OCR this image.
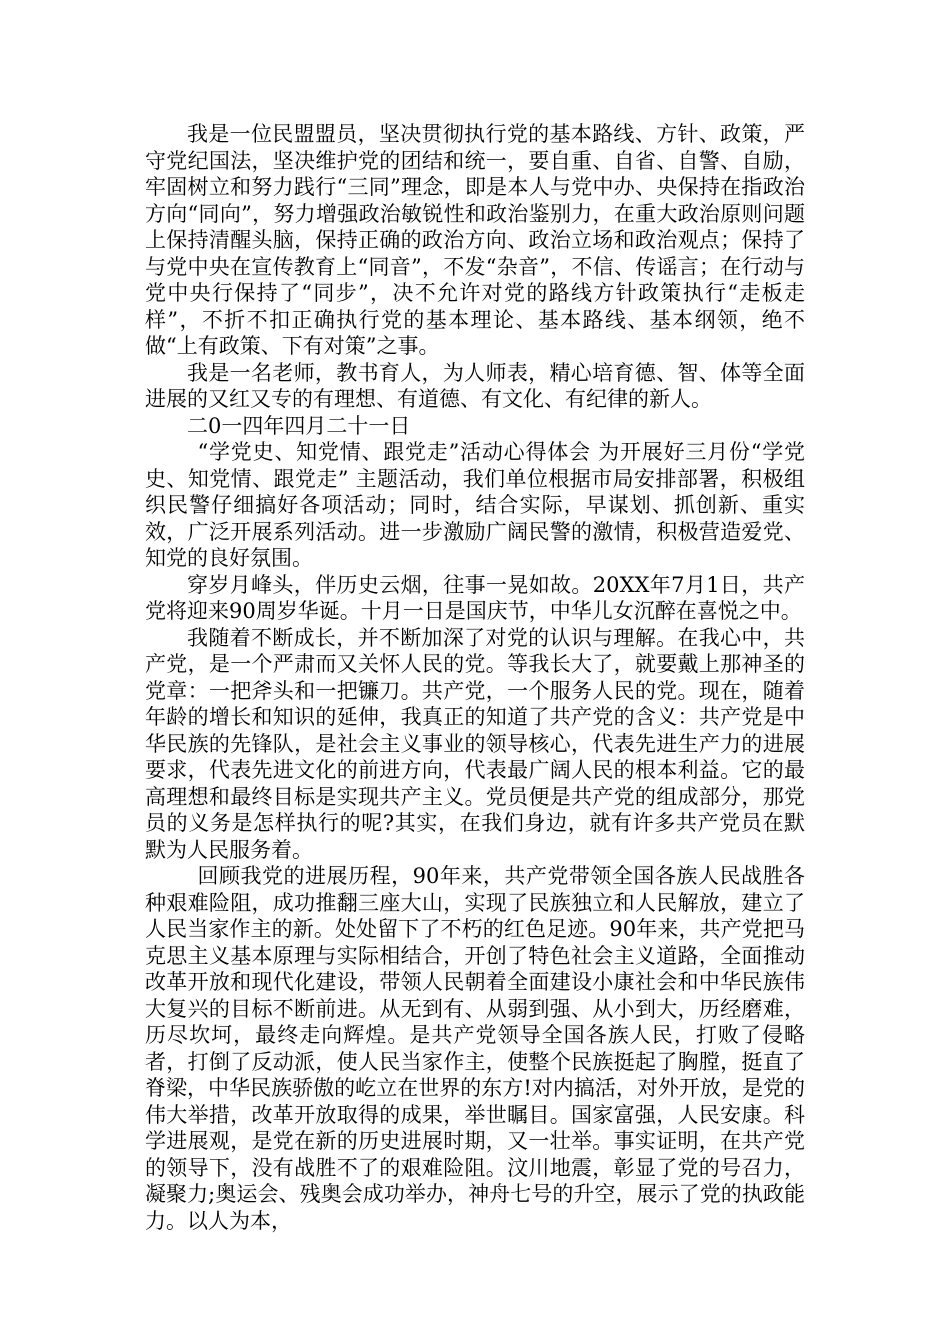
我是一位民盟盟员，坚决贯彻执行党的基本路线、方针、政策，严守党纪国法，坚决维护党的团结和统一，要自重、自省、自警、自励，牢固树立和努力践行“三同”理念，即是本人与党中办、央保持在指政治方向“同向”，努力增强政治敏锐性和政治鉴别力，在重大政治原则问题上保持清醒头脑，保持正确的政治方向、政治立场和政治观点；保持了与党中央在宣传教育上“同音”，不发“杂音”，不信、传谣言；在行动与党中央行保持了“同步”，决不允许对党的路线方针政策执行“走板走样”，不折不扣正确执行党的基本理论、基本路线、基本纲领，绝不做“上有政策、下有对策”之事。

我是一名老师，教书育人，为人师表，精心培育德、智、体等全面进展的又红又专的有理想、有道德、有文化、有纪律的新人。

二0一四年四月二十一日

“学党史、知党情、跟党走”活动心得体会 为开展好三月份“学党史、知党情、跟党走” 主题活动，我们单位根据市局安排部署，积极组织民警仔细搞好各项活动；同时，结合实际，早谋划、抓创新、重实效，广泛开展系列活动。进一步激励广阔民警的激情，积极营造爱党、知党的良好氛围。

穿岁月峰头，伴历史云烟，往事一晃如故。20XX年7月1日，共产党将迎来90周岁华诞。十月一日是国庆节，中华儿女沉醉在喜悦之中。

我随着不断成长，并不断加深了对党的认识与理解。在我心中，共产党，是一个严肃而又关怀人民的党。等我长大了，就要戴上那神圣的党章：一把斧头和一把镰刀。共产党，一个服务人民的党。现在，随着年龄的增长和知识的延伸，我真正的知道了共产党的含义：共产党是中华民族的先锋队，是社会主义事业的领导核心，代表先进生产力的进展要求，代表先进文化的前进方向，代表最广阔人民的根本利益。它的最高理想和最终目标是实现共产主义。党员便是共产党的组成部分，那党员的义务是怎样执行的呢?其实，在我们身边，就有许多共产党员在默默为人民服务着。

回顾我党的进展历程，90年来，共产党带领全国各族人民战胜各种艰难险阻，成功推翻三座大山，实现了民族独立和人民解放，建立了人民当家作主的新。处处留下了不朽的红色足迹。90年来，共产党把马克思主义基本原理与实际相结合，开创了特色社会主义道路，全面推动改革开放和现代化建设，带领人民朝着全面建设小康社会和中华民族伟大复兴的目标不断前进。从无到有、从弱到强、从小到大，历经磨难，历尽坎坷，最终走向辉煌。是共产党领导全国各族人民，打败了侵略者，打倒了反动派，使人民当家作主，使整个民族挺起了胸膛，挺直了脊梁，中华民族骄傲的屹立在世界的东方!对内搞活，对外开放，是党的伟大举措，改革开放取得的成果，举世瞩目。国家富强，人民安康。科学进展观，是党在新的历史进展时期，又一壮举。事实证明，在共产党的领导下，没有战胜不了的艰难险阻。汶川地震，彰显了党的号召力，凝聚力;奥运会、残奥会成功举办，神舟七号的升空，展示了党的执政能力。以人为本，
